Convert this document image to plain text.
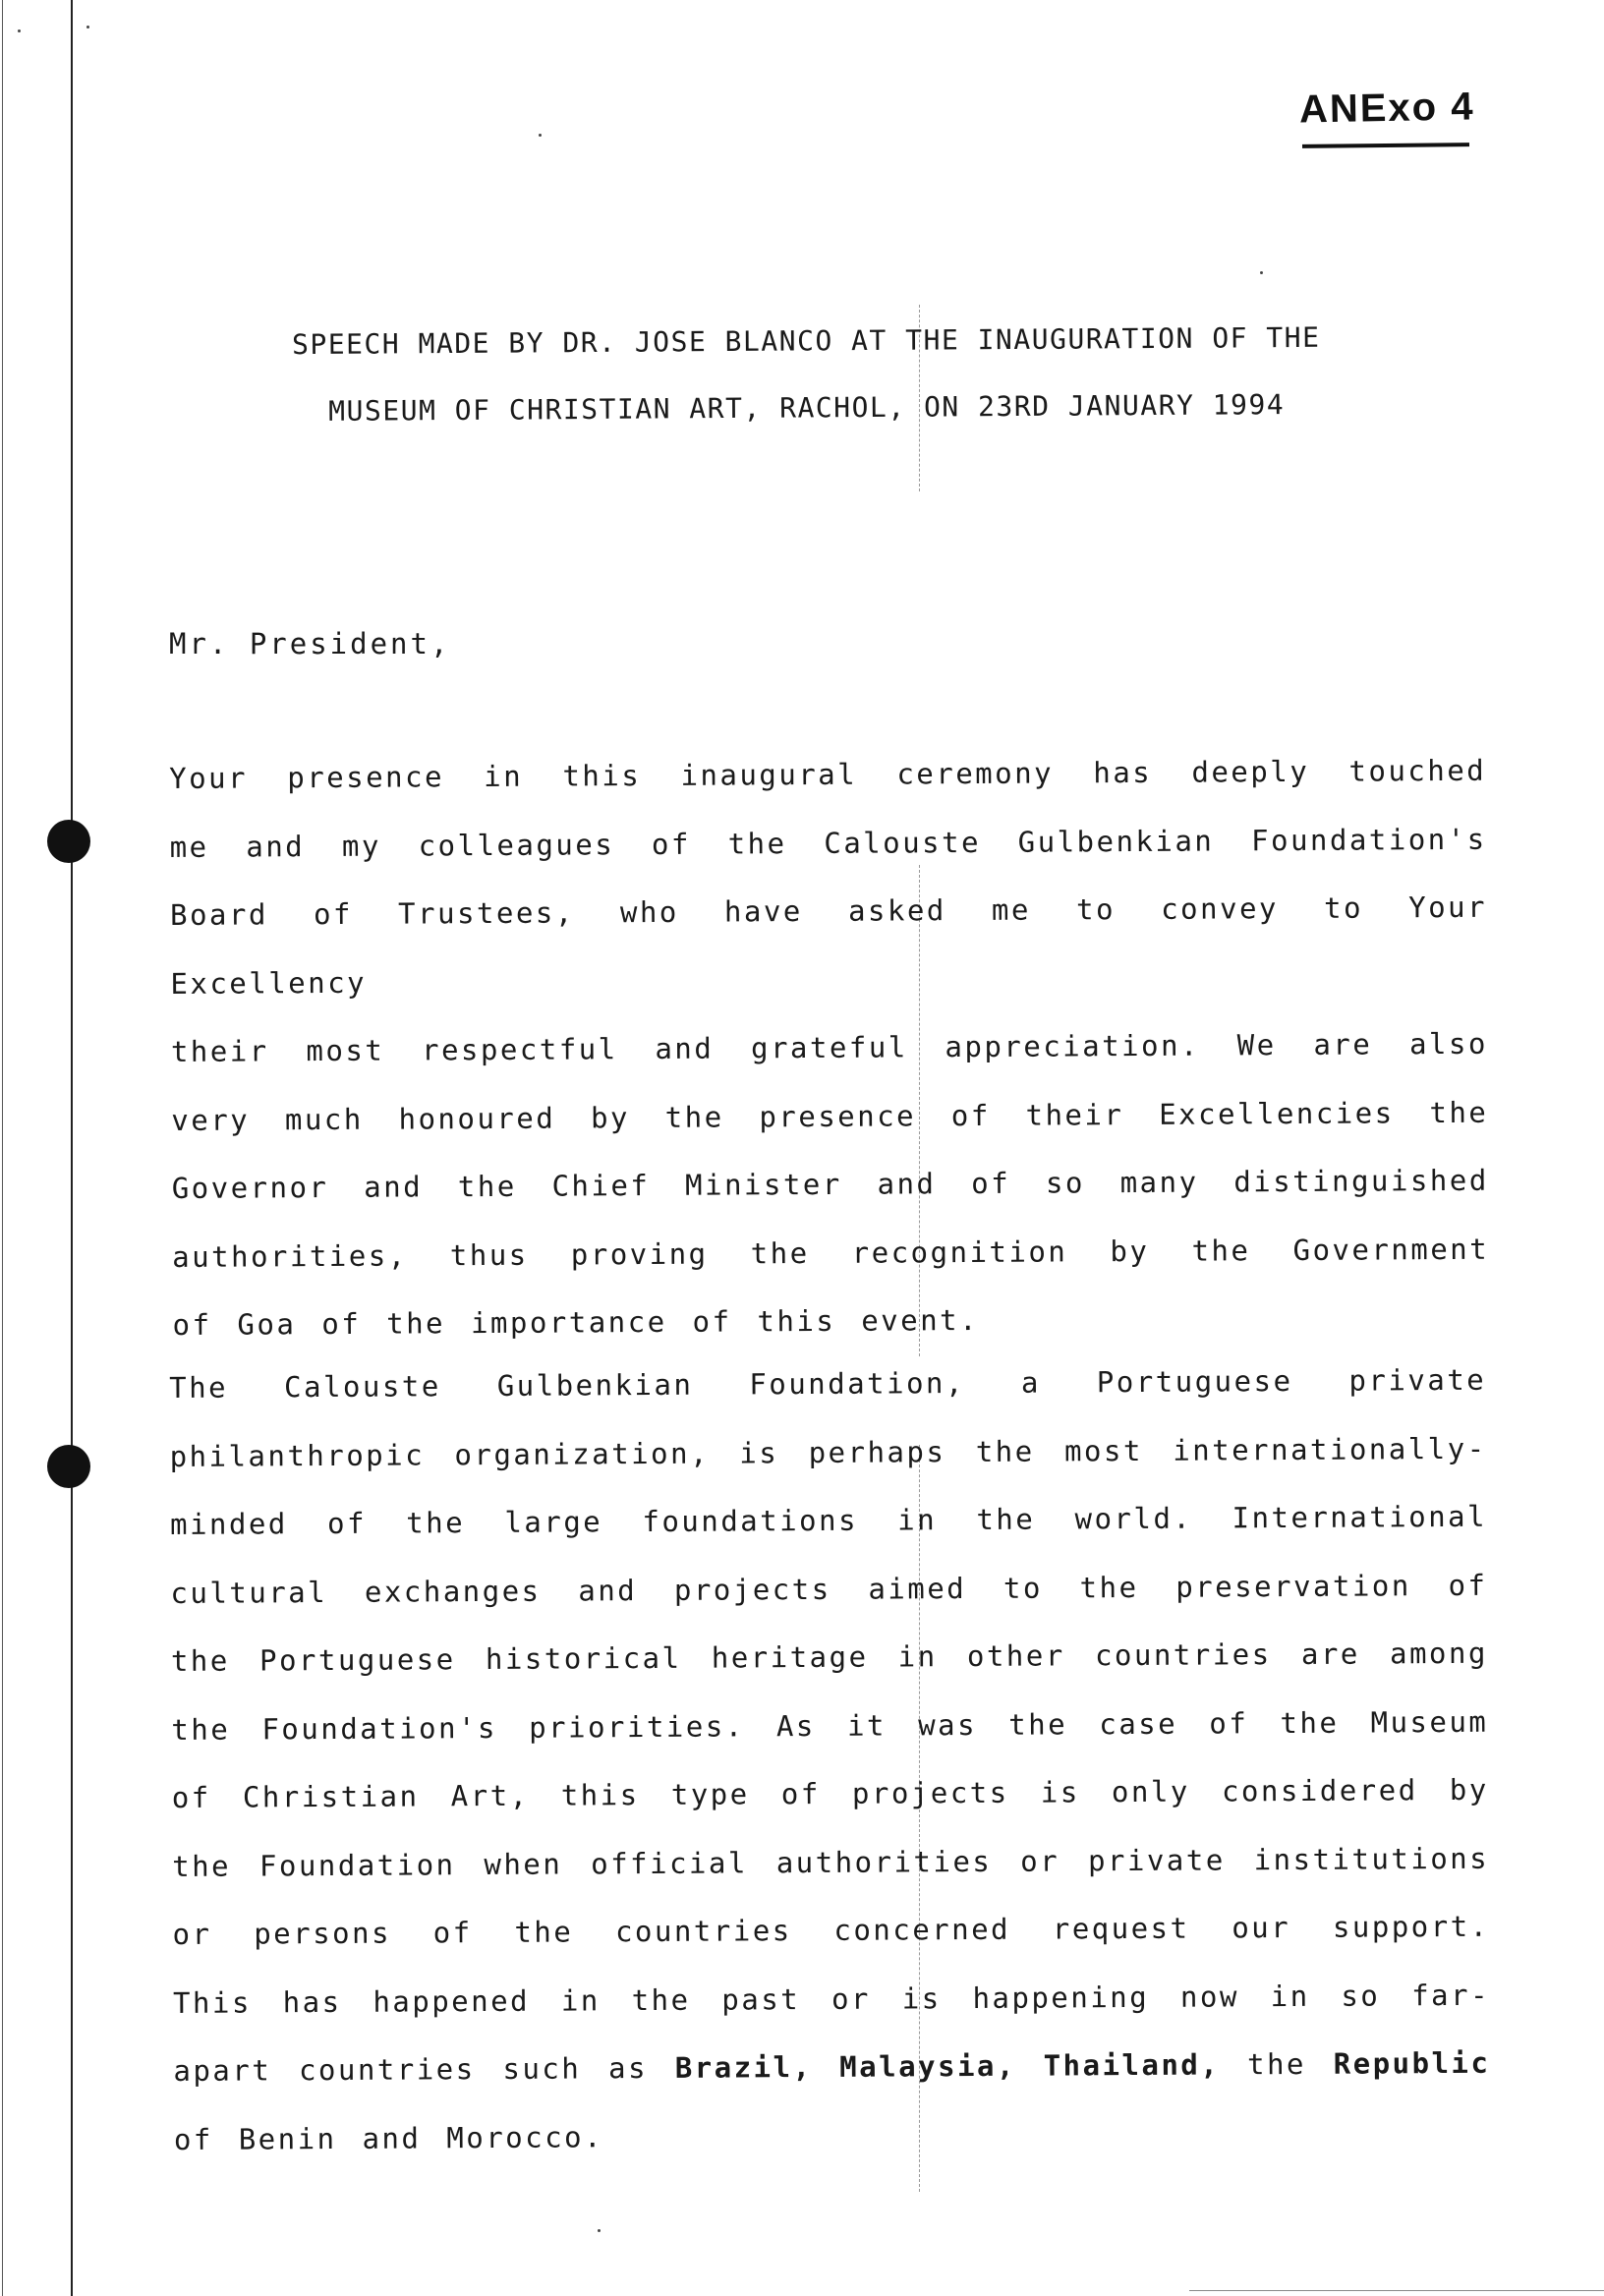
ANExo 4
SPEECH MADE BY DR. JOSE BLANCO AT THE INAUGURATION OF THE
MUSEUM OF CHRISTIAN ART, RACHOL, ON 23RD JANUARY 1994
Mr. President,
Your presence in this inaugural ceremony has deeply touched
me and my colleagues of the Calouste Gulbenkian Foundation's
Board of Trustees, who have asked me to convey to Your Excellency
their most respectful and grateful appreciation. We are also
very much honoured by the presence of their Excellencies the
Governor and the Chief Minister and of so many distinguished
authorities, thus proving the recognition by the Government
of Goa of the importance of this event.
The Calouste Gulbenkian Foundation, a Portuguese private
philanthropic organization, is perhaps the most internationally-
minded of the large foundations in the world. International
cultural exchanges and projects aimed to the preservation of
the Portuguese historical heritage in other countries are among
the Foundation's priorities. As it was the case of the Museum
of Christian Art, this type of projects is only considered by
the Foundation when official authorities or private institutions
or persons of the countries concerned request our support.
This has happened in the past or is happening now in so far-
apart countries such as Brazil, Malaysia, Thailand, the Republic
of Benin and Morocco.
